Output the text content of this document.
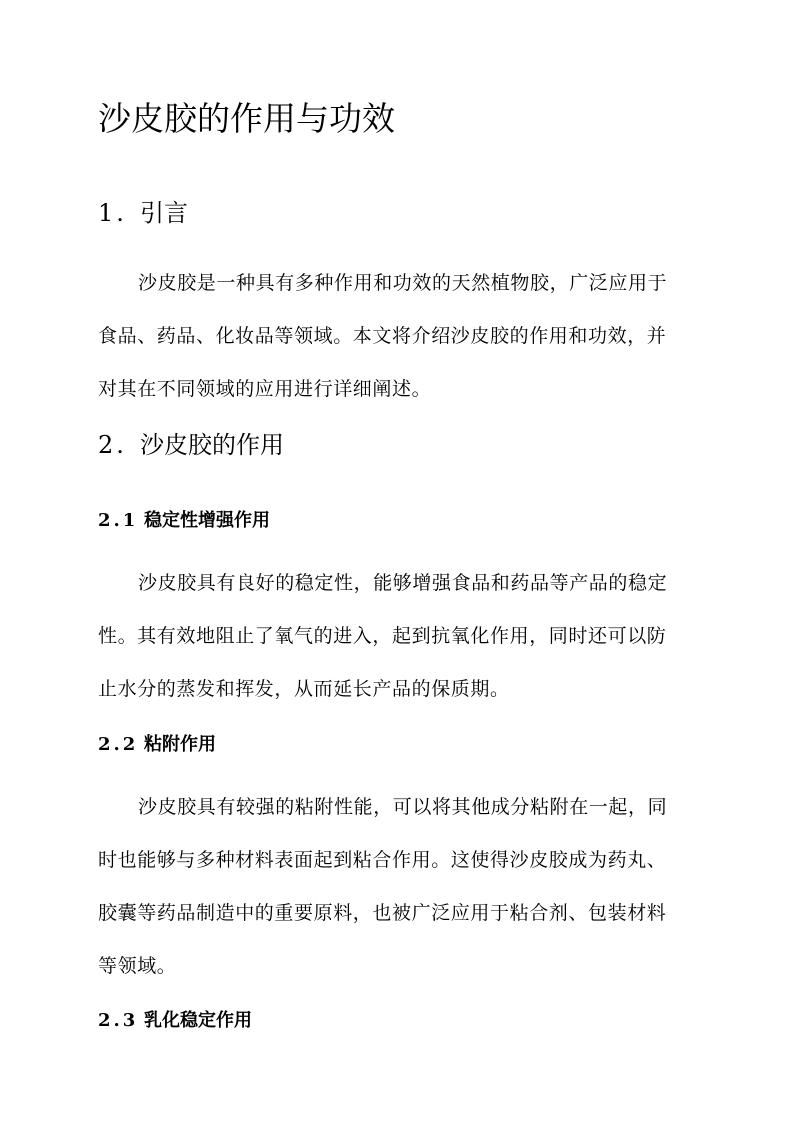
沙皮胶的作用与功效
1. 引言
沙皮胶是一种具有多种作用和功效的天然植物胶，广泛应用于
食品、药品、化妆品等领域。本文将介绍沙皮胶的作用和功效，并
对其在不同领域的应用进行详细阐述。
2. 沙皮胶的作用
2.1 稳定性增强作用
沙皮胶具有良好的稳定性，能够增强食品和药品等产品的稳定
性。其有效地阻止了氧气的进入，起到抗氧化作用，同时还可以防
止水分的蒸发和挥发，从而延长产品的保质期。
2.2 粘附作用
沙皮胶具有较强的粘附性能，可以将其他成分粘附在一起，同
时也能够与多种材料表面起到粘合作用。这使得沙皮胶成为药丸、
胶囊等药品制造中的重要原料，也被广泛应用于粘合剂、包装材料
等领域。
2.3 乳化稳定作用
